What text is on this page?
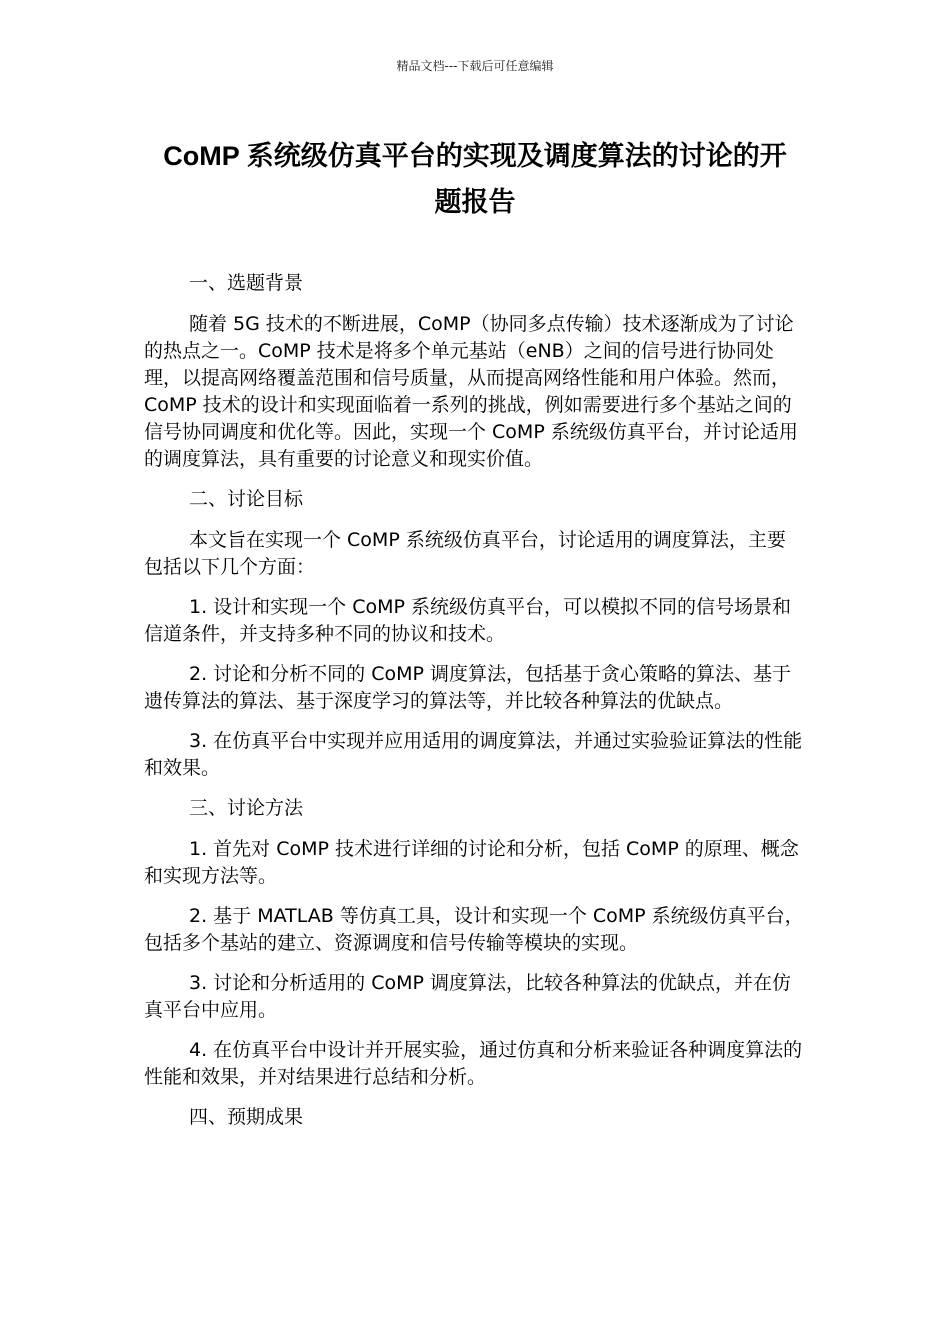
精品文档---下载后可任意编辑
CoMP 系统级仿真平台的实现及调度算法的讨论的开
题报告

一、选题背景

随着 5G 技术的不断进展，CoMP（协同多点传输）技术逐渐成为了讨论的热点之一。CoMP 技术是将多个单元基站（eNB）之间的信号进行协同处理，以提高网络覆盖范围和信号质量，从而提高网络性能和用户体验。然而，CoMP 技术的设计和实现面临着一系列的挑战，例如需要进行多个基站之间的信号协同调度和优化等。因此，实现一个 CoMP 系统级仿真平台，并讨论适用的调度算法，具有重要的讨论意义和现实价值。

二、讨论目标

本文旨在实现一个 CoMP 系统级仿真平台，讨论适用的调度算法，主要包括以下几个方面：

1. 设计和实现一个 CoMP 系统级仿真平台，可以模拟不同的信号场景和信道条件，并支持多种不同的协议和技术。

2. 讨论和分析不同的 CoMP 调度算法，包括基于贪心策略的算法、基于遗传算法的算法、基于深度学习的算法等，并比较各种算法的优缺点。

3. 在仿真平台中实现并应用适用的调度算法，并通过实验验证算法的性能和效果。

三、讨论方法

1. 首先对 CoMP 技术进行详细的讨论和分析，包括 CoMP 的原理、概念和实现方法等。

2. 基于 MATLAB 等仿真工具，设计和实现一个 CoMP 系统级仿真平台，包括多个基站的建立、资源调度和信号传输等模块的实现。

3. 讨论和分析适用的 CoMP 调度算法，比较各种算法的优缺点，并在仿真平台中应用。

4. 在仿真平台中设计并开展实验，通过仿真和分析来验证各种调度算法的性能和效果，并对结果进行总结和分析。

四、预期成果
